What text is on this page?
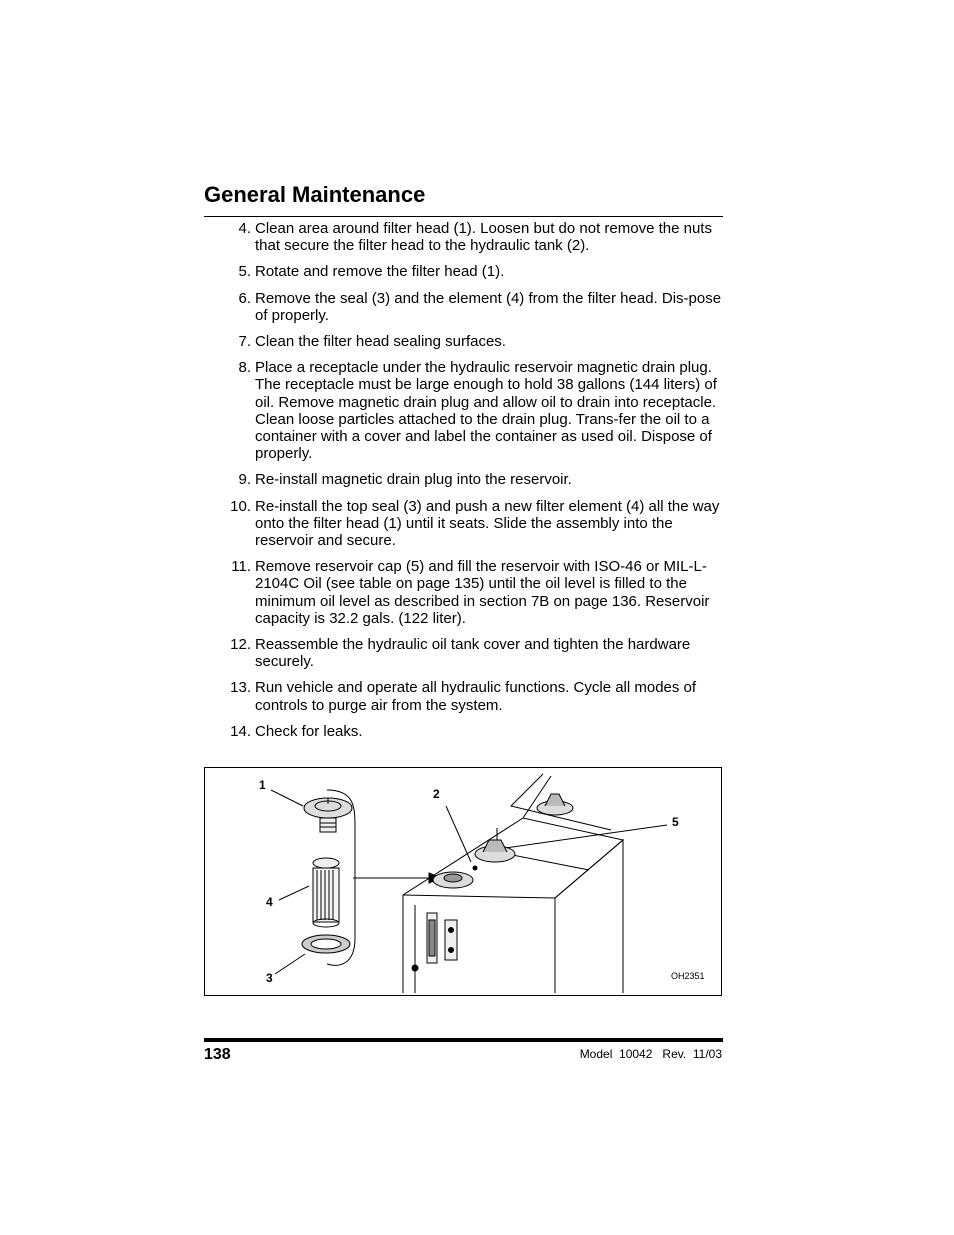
General Maintenance
4. Clean area around filter head (1). Loosen but do not remove the nuts that secure the filter head to the hydraulic tank (2).
5. Rotate and remove the filter head (1).
6. Remove the seal (3) and the element (4) from the filter head. Dis-pose of properly.
7. Clean the filter head sealing surfaces.
8. Place a receptacle under the hydraulic reservoir magnetic drain plug. The receptacle must be large enough to hold 38 gallons (144 liters) of oil. Remove magnetic drain plug and allow oil to drain into receptacle. Clean loose particles attached to the drain plug. Trans-fer the oil to a container with a cover and label the container as used oil. Dispose of properly.
9. Re-install magnetic drain plug into the reservoir.
10. Re-install the top seal (3) and push a new filter element (4) all the way onto the filter head (1) until it seats. Slide the assembly into the reservoir and secure.
11. Remove reservoir cap (5) and fill the reservoir with ISO-46 or MIL-L-2104C Oil (see table on page 135) until the oil level is filled to the minimum oil level as described in section 7B on page 136. Reservoir capacity is 32.2 gals. (122 liter).
12. Reassemble the hydraulic oil tank cover and tighten the hardware securely.
13. Run vehicle and operate all hydraulic functions. Cycle all modes of controls to purge air from the system.
14. Check for leaks.
1
2
3
4
5
OH2351
138	Model  10042   Rev.  11/03
